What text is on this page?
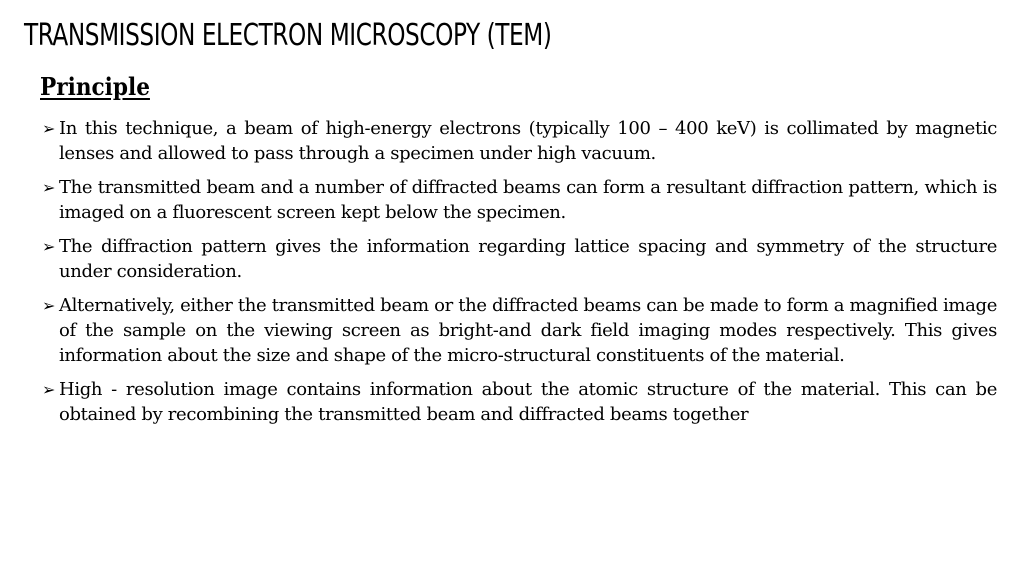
TRANSMISSION ELECTRON MICROSCOPY (TEM)
Principle
➢ In this technique, a beam of high-energy electrons (typically 100 – 400 keV) is collimated by magnetic lenses and allowed to pass through a specimen under high vacuum.
➢ The transmitted beam and a number of diffracted beams can form a resultant diffraction pattern, which is imaged on a fluorescent screen kept below the specimen.
➢ The diffraction pattern gives the information regarding lattice spacing and symmetry of the structure under consideration.
➢ Alternatively, either the transmitted beam or the diffracted beams can be made to form a magnified image of the sample on the viewing screen as bright-and dark field imaging modes respectively. This gives information about the size and shape of the micro-structural constituents of the material.
➢ High - resolution image contains information about the atomic structure of the material. This can be obtained by recombining the transmitted beam and diffracted beams together
